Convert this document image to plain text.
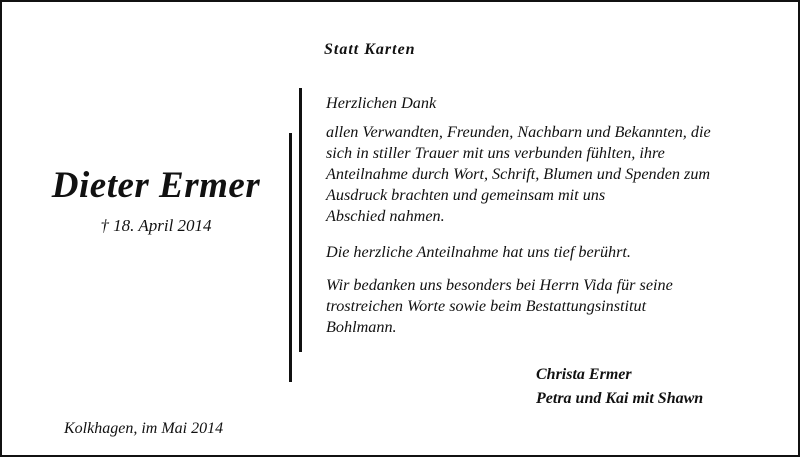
Statt Karten
Dieter Ermer
† 18. April 2014
Herzlichen Dank
allen Verwandten, Freunden, Nachbarn und Bekannten, die
sich in stiller Trauer mit uns verbunden fühlten, ihre
Anteilnahme durch Wort, Schrift, Blumen und Spenden zum
Ausdruck brachten und gemeinsam mit uns
Abschied nahmen.
Die herzliche Anteilnahme hat uns tief berührt.
Wir bedanken uns besonders bei Herrn Vida für seine
trostreichen Worte sowie beim Bestattungsinstitut
Bohlmann.
Christa Ermer
Petra und Kai mit Shawn
Kolkhagen, im Mai 2014
